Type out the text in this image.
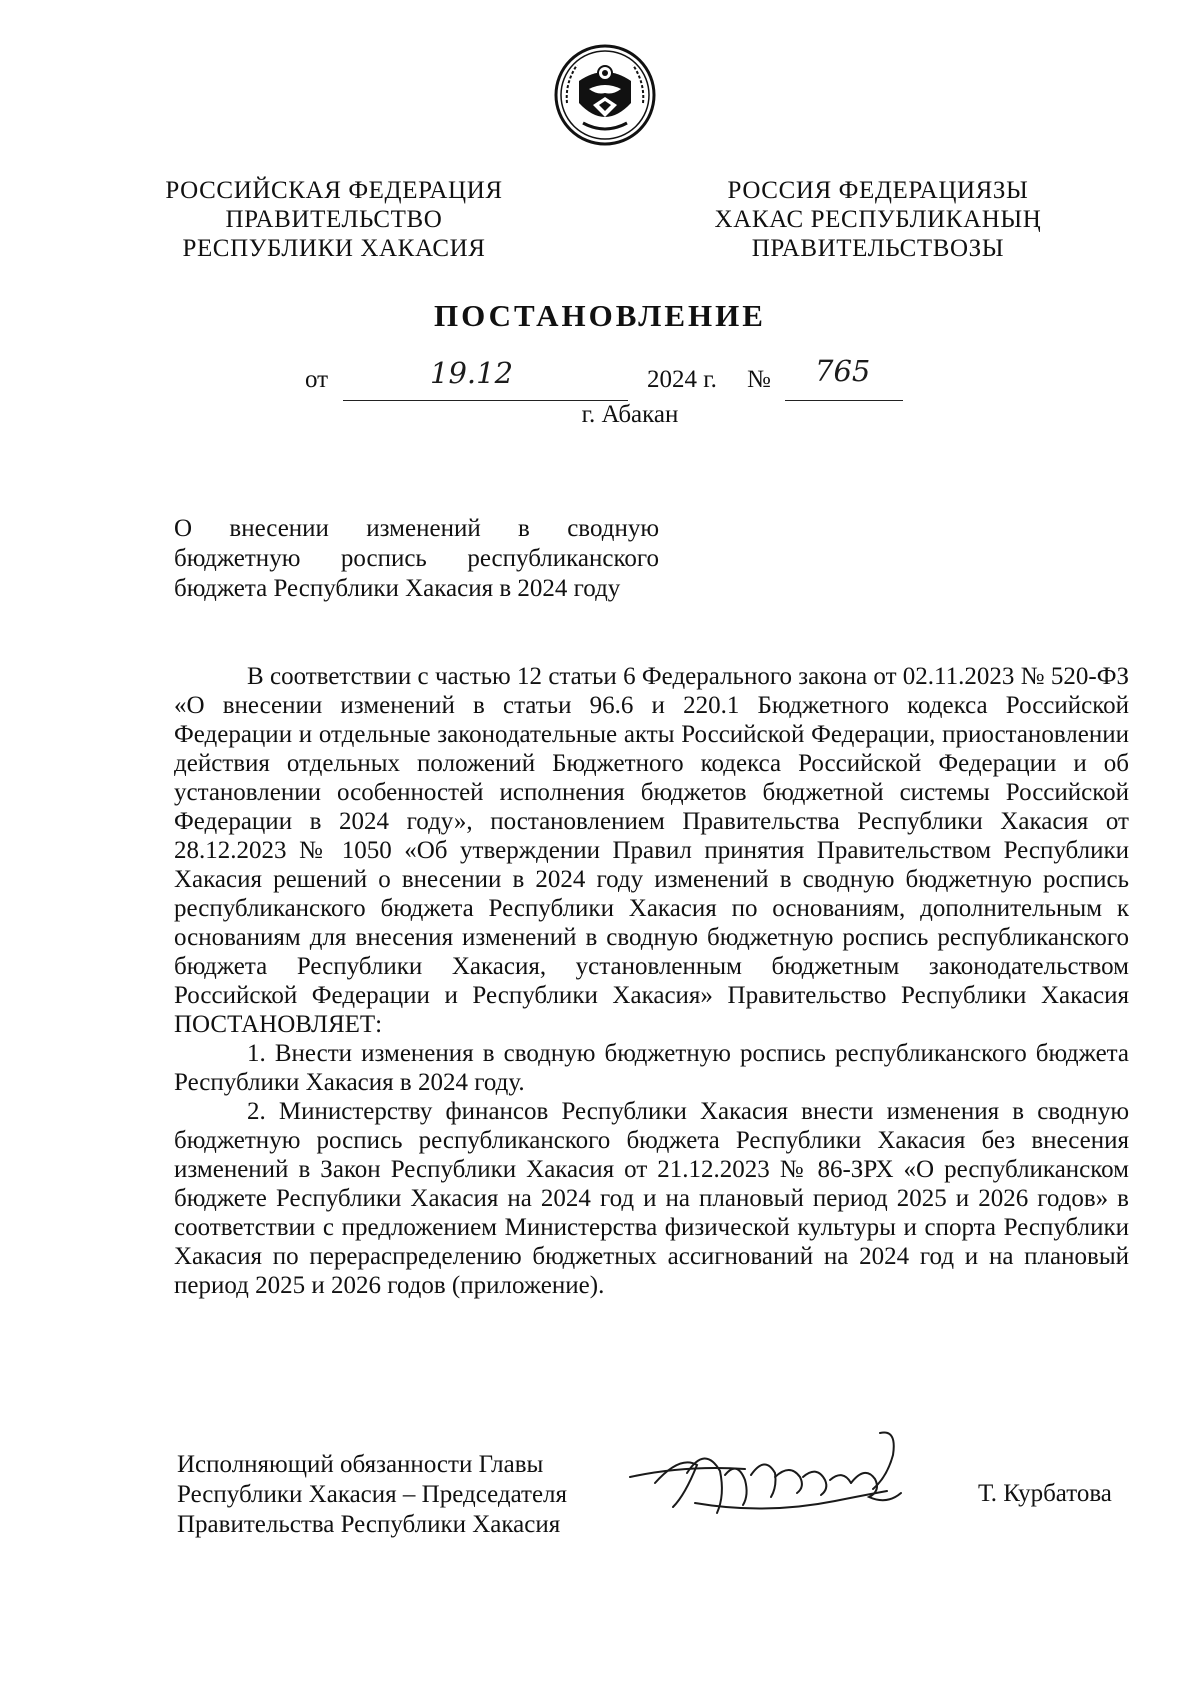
РОССИЙСКАЯ ФЕДЕРАЦИЯ
ПРАВИТЕЛЬСТВО
РЕСПУБЛИКИ ХАКАСИЯ
РОССИЯ ФЕДЕРАЦИЯЗЫ
ХАКАС РЕСПУБЛИКАНЫҢ
ПРАВИТЕЛЬСТВОЗЫ
ПОСТАНОВЛЕНИЕ
от	19.12	2024 г. № 765
г. Абакан
О внесении изменений в сводную
бюджетную роспись республиканского
бюджета Республики Хакасия в 2024 году

В соответствии с частью 12 статьи 6 Федерального закона от 02.11.2023 № 520-ФЗ «О внесении изменений в статьи 96.6 и 220.1 Бюджетного кодекса Российской Федерации и отдельные законодательные акты Российской Федерации, приостановлении действия отдельных положений Бюджетного кодекса Российской Федерации и об установлении особенностей исполнения бюджетов бюджетной системы Российской Федерации в 2024 году», постановлением Правительства Республики Хакасия от 28.12.2023 № 1050 «Об утверждении Правил принятия Правительством Республики Хакасия решений о внесении в 2024 году изменений в сводную бюджетную роспись республиканского бюджета Республики Хакасия по основаниям, дополнительным к основаниям для внесения изменений в сводную бюджетную роспись республиканского бюджета Республики Хакасия, установленным бюджетным законодательством Российской Федерации и Республики Хакасия» Правительство Республики Хакасия ПОСТАНОВЛЯЕТ:

1. Внести изменения в сводную бюджетную роспись республиканского бюджета Республики Хакасия в 2024 году.

2. Министерству финансов Республики Хакасия внести изменения в сводную бюджетную роспись республиканского бюджета Республики Хакасия без внесения изменений в Закон Республики Хакасия от 21.12.2023 № 86-ЗРХ «О республиканском бюджете Республики Хакасия на 2024 год и на плановый период 2025 и 2026 годов» в соответствии с предложением Министерства физической культуры и спорта Республики Хакасия по перераспределению бюджетных ассигнований на 2024 год и на плановый период 2025 и 2026 годов (приложение).

Исполняющий обязанности Главы
Республики Хакасия – Председателя
Правительства Республики Хакасия
Т. Курбатова
